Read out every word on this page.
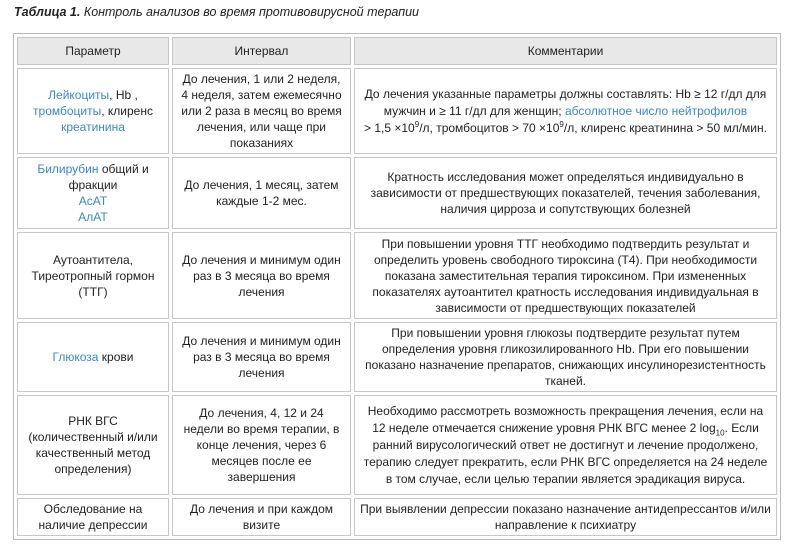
Таблица 1. Контроль анализов во время противовирусной терапии
Параметр	Интервал	Комментарии
Лейкоциты, Hb , тромбоциты, клиренс креатинина	До лечения, 1 или 2 неделя, 4 неделя, затем ежемесячно или 2 раза в месяц во время лечения, или чаще при показаниях	До лечения указанные параметры должны составлять: Hb ≥ 12 г/дл для мужчин и ≥ 11 г/дл для женщин; абсолютное число нейтрофилов
> $1,5 \times 10^9/л$, тромбоцитов > $70 \times 10^9/л$, клиренс креатинина > 50 мл/мин.
Билирубин общий и фракции
АсАТ
АлАТ	До лечения, 1 месяц, затем каждые 1-2 мес.	Кратность исследования может определяться индивидуально в зависимости от предшествующих показателей, течения заболевания, наличия цирроза и сопутствующих болезней
Аутоантитела, Тиреотропный гормон (ТТГ)	До лечения и минимум один раз в 3 месяца во время лечения	При повышении уровня ТТГ необходимо подтвердить результат и определить уровень свободного тироксина (Т4). При необходимости показана заместительная терапия тироксином. При измененных показателях аутоантител кратность исследования индивидуальная в зависимости от предшествующих показателей
Глюкоза крови	До лечения и минимум один раз в 3 месяца во время лечения	При повышении уровня глюкозы подтвердите результат путем определения уровня гликозилированного Hb. При его повышении показано назначение препаратов, снижающих инсулинорезистентность тканей.
РНК ВГС (количественный и/или качественный метод определения)	До лечения, 4, 12 и 24 недели во время терапии, в конце лечения, через 6 месяцев после ее завершения	Необходимо рассмотреть возможность прекращения лечения, если на 12 неделе отмечается снижение уровня РНК ВГС менее 2 $\log_{10}$. Если ранний вирусологический ответ не достигнут и лечение продолжено, терапию следует прекратить, если РНК ВГС определяется на 24 неделе в том случае, если целью терапии является эрадикация вируса.
Обследование на наличие депрессии	До лечения и при каждом визите	При выявлении депрессии показано назначение антидепрессантов и/или направление к психиатру
